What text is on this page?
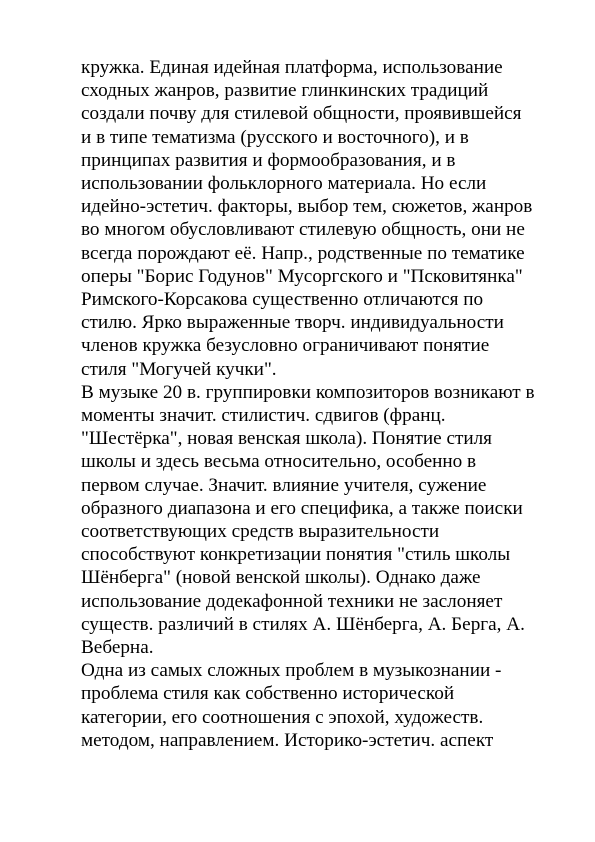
кружка. Единая идейная платформа, использование
сходных жанров, развитие глинкинских традиций
создали почву для стилевой общности, проявившейся
и в типе тематизма (русского и восточного), и в
принципах развития и формообразования, и в
использовании фольклорного материала. Но если
идейно-эстетич. факторы, выбор тем, сюжетов, жанров
во многом обусловливают стилевую общность, они не
всегда порождают её. Напр., родственные по тематике
оперы "Борис Годунов" Мусоргского и "Псковитянка"
Римского-Корсакова существенно отличаются по
стилю. Ярко выраженные творч. индивидуальности
членов кружка безусловно ограничивают понятие
стиля "Могучей кучки".
В музыке 20 в. группировки композиторов возникают в
моменты значит. стилистич. сдвигов (франц.
"Шестёрка", новая венская школа). Понятие стиля
школы и здесь весьма относительно, особенно в
первом случае. Значит. влияние учителя, сужение
образного диапазона и его специфика, а также поиски
соответствующих средств выразительности
способствуют конкретизации понятия "стиль школы
Шёнберга" (новой венской школы). Однако даже
использование додекафонной техники не заслоняет
существ. различий в стилях А. Шёнберга, А. Берга, А.
Веберна.
Одна из самых сложных проблем в музыкознании -
проблема стиля как собственно исторической
категории, его соотношения с эпохой, художеств.
методом, направлением. Историко-эстетич. аспект
